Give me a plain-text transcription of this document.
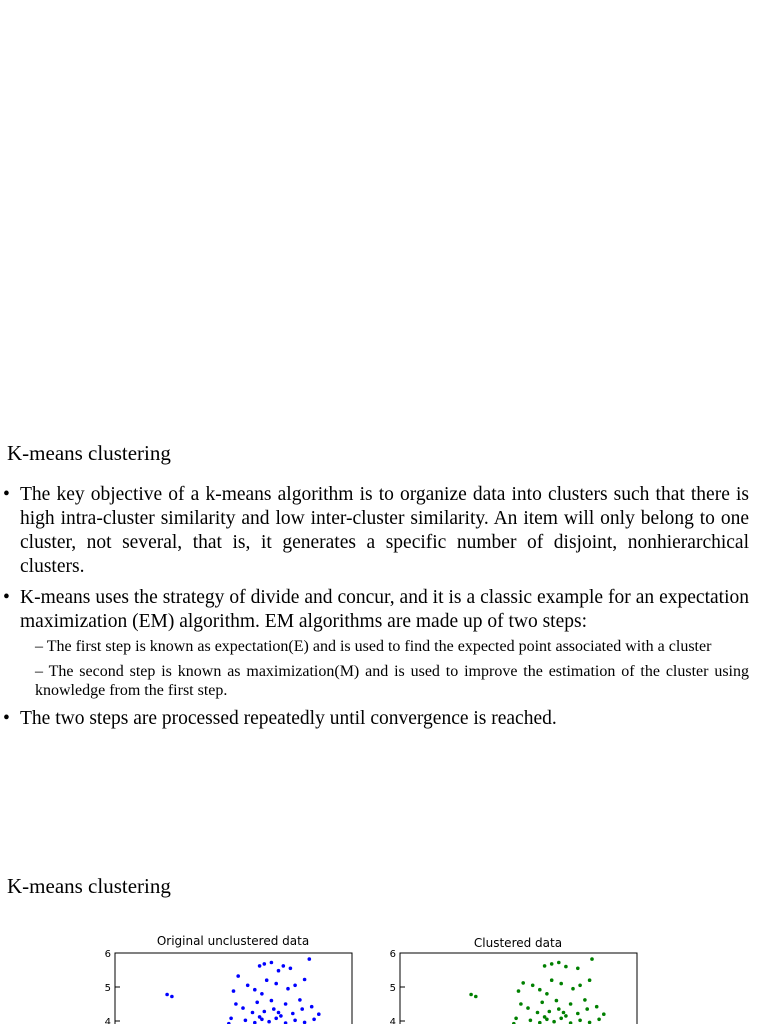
K-means clustering
• The key objective of a k-means algorithm is to organize data into clusters such that there is high intra-cluster similarity and low inter-cluster similarity. An item will only belong to one cluster, not several, that is, it generates a specific number of disjoint, nonhierarchical clusters.
• K-means uses the strategy of divide and concur, and it is a classic example for an expectation maximization (EM) algorithm. EM algorithms are made up of two steps:
– The first step is known as expectation(E) and is used to find the expected point associated with a cluster
– The second step is known as maximization(M) and is used to improve the estimation of the cluster using knowledge from the first step.
• The two steps are processed repeatedly until convergence is reached.
K-means clustering
Original unclustered data
6
5
4
Clustered data
6
5
4
